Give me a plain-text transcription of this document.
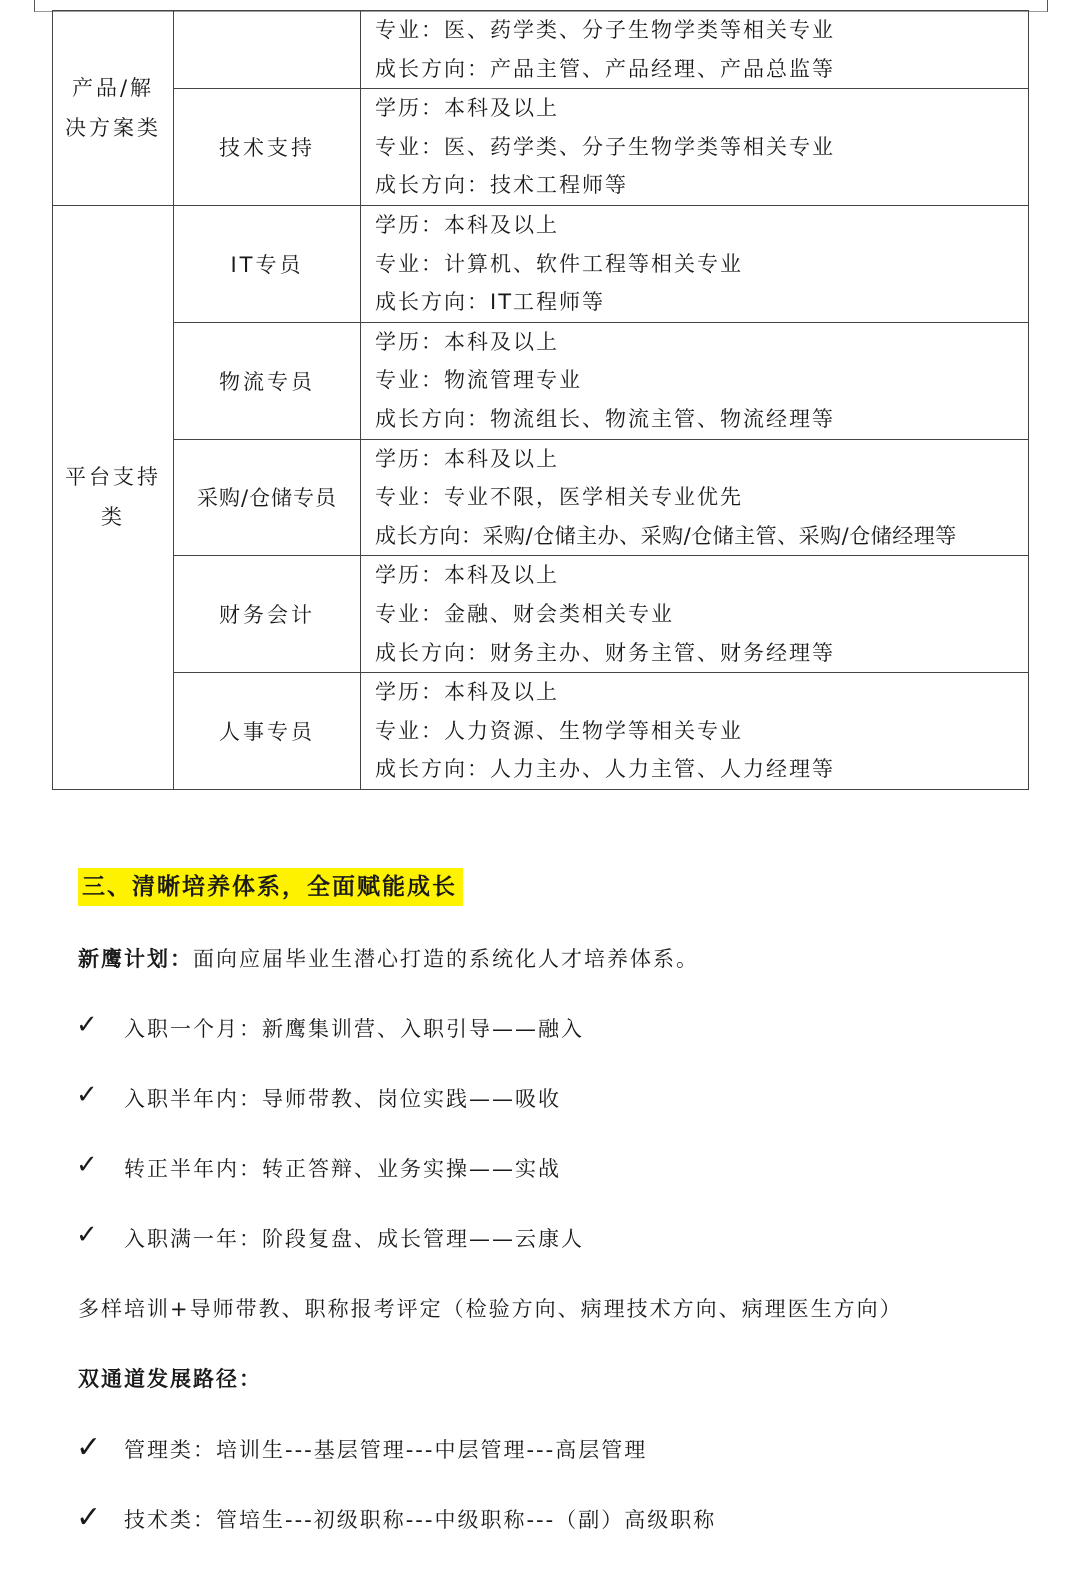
产品/解决方案类		专业：医、药学类、分子生物学类等相关专业
成长方向：产品主管、产品经理、产品总监等

	技术支持	学历：本科及以上
专业：医、药学类、分子生物学类等相关专业
成长方向：技术工程师等

平台支持类	IT专员	学历：本科及以上
专业：计算机、软件工程等相关专业
成长方向：IT工程师等

	物流专员	学历：本科及以上
专业：物流管理专业
成长方向：物流组长、物流主管、物流经理等

	采购/仓储专员	学历：本科及以上
专业：专业不限，医学相关专业优先
成长方向：采购/仓储主办、采购/仓储主管、采购/仓储经理等

	财务会计	学历：本科及以上
专业：金融、财会类相关专业
成长方向：财务主办、财务主管、财务经理等

	人事专员	学历：本科及以上
专业：人力资源、生物学等相关专业
成长方向：人力主办、人力主管、人力经理等
三、清晰培养体系，全面赋能成长
新鹰计划：面向应届毕业生潜心打造的系统化人才培养体系。
✓ 入职一个月：新鹰集训营、入职引导——融入
✓ 入职半年内：导师带教、岗位实践——吸收
✓ 转正半年内：转正答辩、业务实操——实战
✓ 入职满一年：阶段复盘、成长管理——云康人
多样培训+导师带教、职称报考评定（检验方向、病理技术方向、病理医生方向）
双通道发展路径：
✓ 管理类：培训生---基层管理---中层管理---高层管理
✓ 技术类：管培生---初级职称---中级职称---（副）高级职称
